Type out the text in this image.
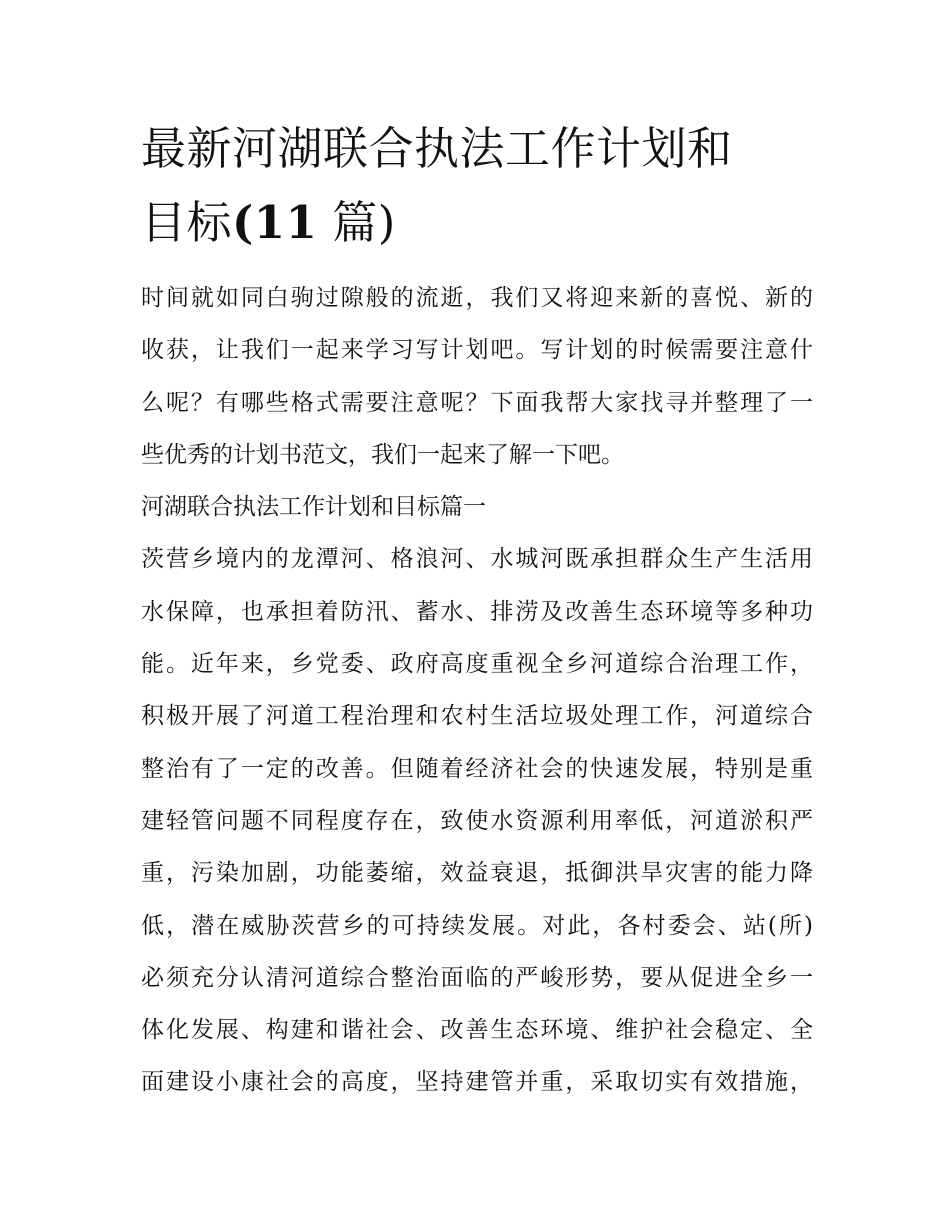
最新河湖联合执法工作计划和
目标(11 篇)
时间就如同白驹过隙般的流逝，我们又将迎来新的喜悦、新的
收获，让我们一起来学习写计划吧。写计划的时候需要注意什
么呢？有哪些格式需要注意呢？下面我帮大家找寻并整理了一
些优秀的计划书范文，我们一起来了解一下吧。
河湖联合执法工作计划和目标篇一
茨营乡境内的龙潭河、格浪河、水城河既承担群众生产生活用
水保障，也承担着防汛、蓄水、排涝及改善生态环境等多种功
能。近年来，乡党委、政府高度重视全乡河道综合治理工作，
积极开展了河道工程治理和农村生活垃圾处理工作，河道综合
整治有了一定的改善。但随着经济社会的快速发展，特别是重
建轻管问题不同程度存在，致使水资源利用率低，河道淤积严
重，污染加剧，功能萎缩，效益衰退，抵御洪旱灾害的能力降
低，潜在威胁茨营乡的可持续发展。对此，各村委会、站(所)
必须充分认清河道综合整治面临的严峻形势，要从促进全乡一
体化发展、构建和谐社会、改善生态环境、维护社会稳定、全
面建设小康社会的高度，坚持建管并重，采取切实有效措施，
